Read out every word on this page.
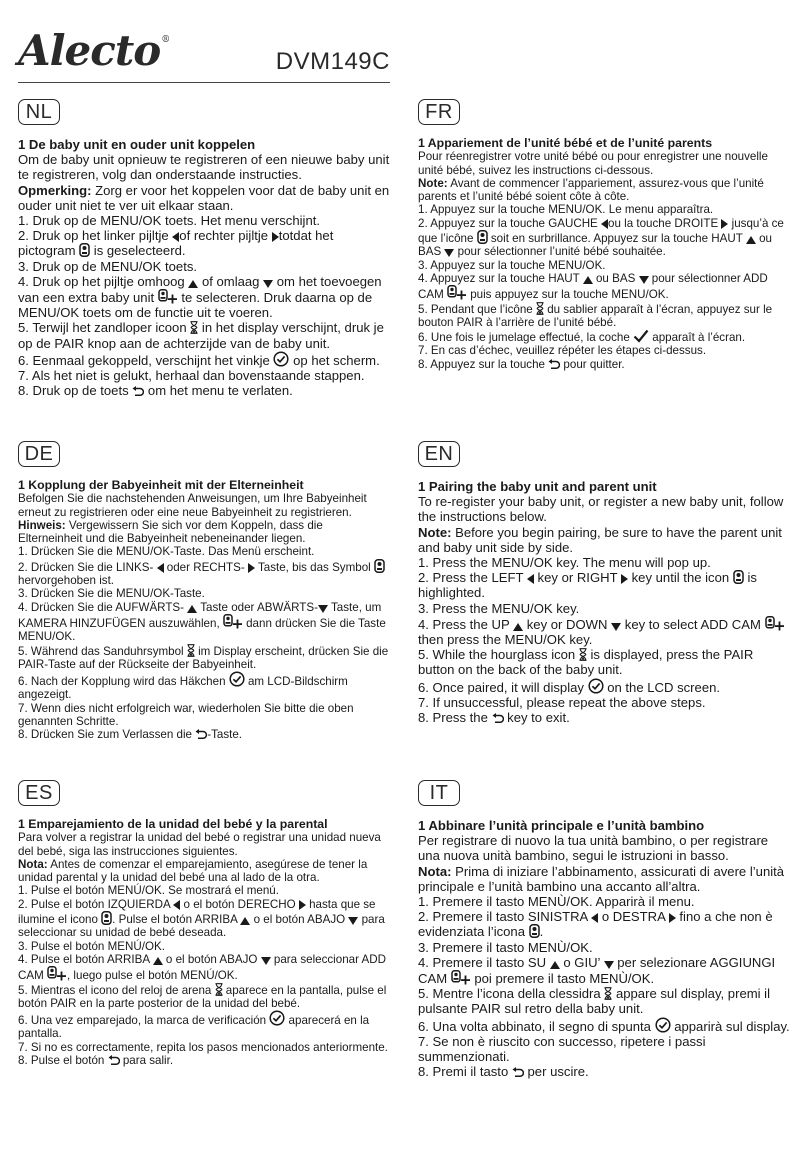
Alecto®
DVM149C
NL
1 De baby unit en ouder unit koppelen

Om de baby unit opnieuw te registreren of een nieuwe baby unit te registreren, volg dan onderstaande instructies.

Opmerking: Zorg er voor het koppelen voor dat de baby unit en ouder unit niet te ver uit elkaar staan.

1. Druk op de MENU/OK toets. Het menu verschijnt.

2. Druk op het linker pijltje
of rechter pijltje
totdat het pictogram
is geselecteerd.

3. Druk op de MENU/OK toets.

4. Druk op het pijltje omhoog
of omlaag
om het toevoegen van een extra baby unit
te selecteren. Druk daarna op de MENU/OK toets om de functie uit te voeren.

5. Terwijl het zandloper icoon
in het display verschijnt, druk je op de PAIR knop aan de achterzijde van de baby unit.

6. Eenmaal gekoppeld, verschijnt het vinkje
op het scherm.

7. Als het niet is gelukt, herhaal dan bovenstaande stappen.

8. Druk op de toets
om het menu te verlaten.

FR
1 Appariement de l’unité bébé et de l’unité parents

Pour réenregistrer votre unité bébé ou pour enregistrer une nouvelle unité bébé, suivez les instructions ci-dessous.

Note: Avant de commencer l’appariement, assurez-vous que l’unité parents et l’unité bébé soient côte à côte.

1. Appuyez sur la touche MENU/OK. Le menu apparaîtra.

2. Appuyez sur la touche GAUCHE
ou la touche DROITE
jusqu’à ce que l’icône
soit en surbrillance. Appuyez sur la touche HAUT
ou BAS
pour sélectionner l’unité bébé souhaitée.

3. Appuyez sur la touche MENU/OK.

4. Appuyez sur la touche HAUT
ou BAS
pour sélectionner ADD CAM
puis appuyez sur la touche MENU/OK.

5. Pendant que l’icône
du sablier apparaît à l’écran, appuyez sur le bouton PAIR à l’arrière de l’unité bébé.

6. Une fois le jumelage effectué, la coche
apparaît à l’écran.

7. En cas d’échec, veuillez répéter les étapes ci-dessus.

8. Appuyez sur la touche
pour quitter.

DE
1 Kopplung der Babyeinheit mit der Elterneinheit

Befolgen Sie die nachstehenden Anweisungen, um Ihre Babyeinheit erneut zu registrieren oder eine neue Babyeinheit zu registrieren.

Hinweis: Vergewissern Sie sich vor dem Koppeln, dass die Elterneinheit und die Babyeinheit nebeneinander liegen.

1. Drücken Sie die MENU/OK-Taste. Das Menü erscheint.

2. Drücken Sie die LINKS-
oder RECHTS-
Taste, bis das Symbol
hervorgehoben ist.

3. Drücken Sie die MENU/OK-Taste.

4. Drücken Sie die AUFWÄRTS-
Taste oder ABWÄRTS-
Taste, um KAMERA HINZUFÜGEN auszuwählen,
dann drücken Sie die Taste MENU/OK.

5. Während das Sanduhrsymbol
im Display erscheint, drücken Sie die PAIR-Taste auf der Rückseite der Babyeinheit.

6. Nach der Kopplung wird das Häkchen
am LCD-Bildschirm angezeigt.

7. Wenn dies nicht erfolgreich war, wiederholen Sie bitte die oben genannten Schritte.

8. Drücken Sie zum Verlassen die
-Taste.

EN
1 Pairing the baby unit and parent unit

To re-register your baby unit, or register a new baby unit, follow the instructions below.

Note: Before you begin pairing, be sure to have the parent unit and baby unit side by side.

1. Press the MENU/OK key. The menu will pop up.

2. Press the LEFT
key or RIGHT
key until the icon
is highlighted.

3. Press the MENU/OK key.

4. Press the UP
key or DOWN
key to select ADD CAM
then press the MENU/OK key.

5. While the hourglass icon
is displayed, press the PAIR button on the back of the baby unit.

6. Once paired, it will display
on the LCD screen.

7. If unsuccessful, please repeat the above steps.

8. Press the
key to exit.

ES
1 Emparejamiento de la unidad del bebé y la parental

Para volver a registrar la unidad del bebé o registrar una unidad nueva del bebé, siga las instrucciones siguientes.

Nota: Antes de comenzar el emparejamiento, asegúrese de tener la unidad parental y la unidad del bebé una al lado de la otra.

1. Pulse el botón MENÚ/OK. Se mostrará el menú.

2. Pulse el botón IZQUIERDA
o el botón DERECHO
hasta que se ilumine el icono
. Pulse el botón ARRIBA
o el botón ABAJO
para seleccionar su unidad de bebé deseada.

3. Pulse el botón MENÚ/OK.

4. Pulse el botón ARRIBA
o el botón ABAJO
para seleccionar ADD CAM
, luego pulse el botón MENÚ/OK.

5. Mientras el icono del reloj de arena
aparece en la pantalla, pulse el botón PAIR en la parte posterior de la unidad del bebé.

6. Una vez emparejado, la marca de verificación
aparecerá en la pantalla.

7. Si no es correctamente, repita los pasos mencionados anteriormente.

8. Pulse el botón
para salir.

IT
1 Abbinare l’unità principale e l’unità bambino

Per registrare di nuovo la tua unità bambino, o per registrare una nuova unità bambino, segui le istruzioni in basso.

Nota: Prima di iniziare l’abbinamento, assicurati di avere l’unità principale e l’unità bambino una accanto all’altra.

1. Premere il tasto MENÙ/OK. Apparirà il menu.

2. Premere il tasto SINISTRA
o DESTRA
fino a che non è evidenziata l’icona
.

3. Premere il tasto MENÙ/OK.

4. Premere il tasto SU
o GIU’
per selezionare AGGIUNGI CAM
poi premere il tasto MENÙ/OK.

5. Mentre l’icona della clessidra
appare sul display, premi il pulsante PAIR sul retro della baby unit.

6. Una volta abbinato, il segno di spunta
apparirà sul display.

7. Se non è riuscito con successo, ripetere i passi summenzionati.

8. Premi il tasto
per uscire.
